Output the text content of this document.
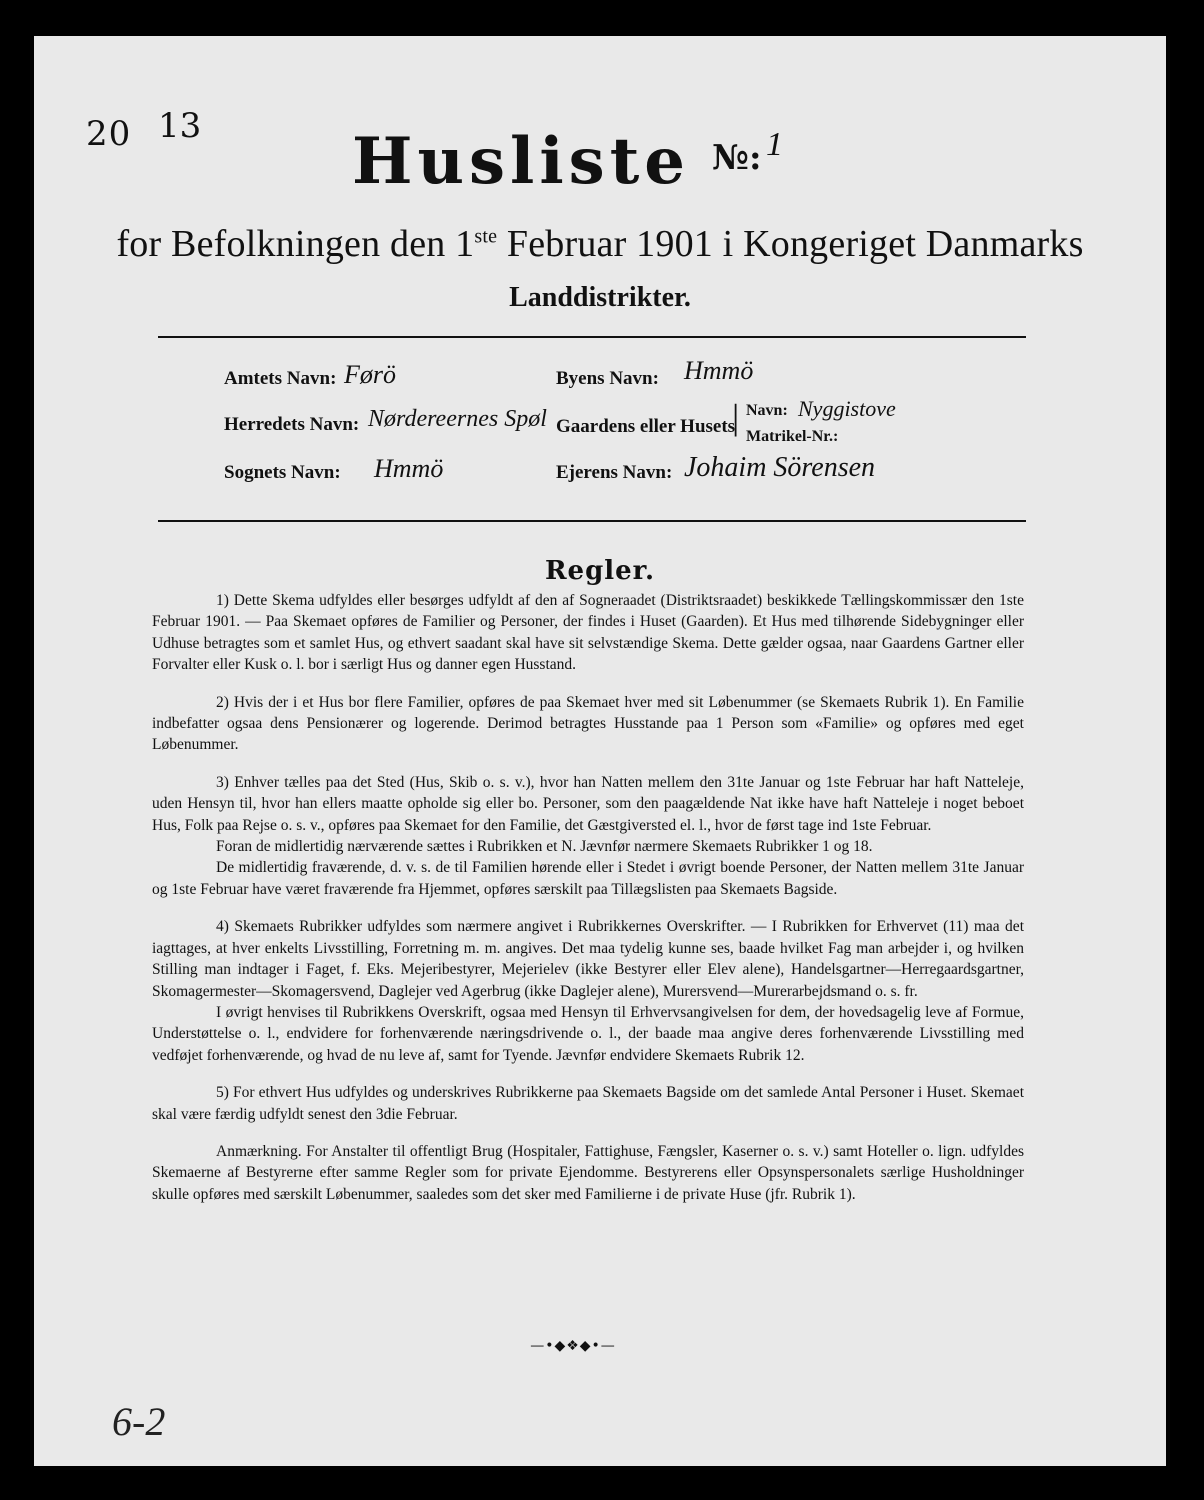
20 13 Husliste №: 1
for Befolkningen den 1ste Februar 1901 i Kongeriget Danmarks
Landdistrikter.
Amtets Navn: Førö	Byens Navn: Hmmö
Herredets Navn: Nørdereernes Spøl Gaardens eller Husets
| Navn: Nyggistove
Matrikel-Nr.:
Sognets Navn: Hmmö	Ejerens Navn: Johaim Sörensen
Regler.

1) Dette Skema udfyldes eller besørges udfyldt af den af Sogneraadet (Distriktsraadet) beskikkede Tællingskommissær den 1ste Februar 1901. — Paa Skemaet opføres de Familier og Personer, der findes i Huset (Gaarden). Et Hus med tilhørende Sidebygninger eller Udhuse betragtes som et samlet Hus, og ethvert saadant skal have sit selvstændige Skema. Dette gælder ogsaa, naar Gaardens Gartner eller Forvalter eller Kusk o. l. bor i særligt Hus og danner egen Husstand.

2) Hvis der i et Hus bor flere Familier, opføres de paa Skemaet hver med sit Løbenummer (se Skemaets Rubrik 1). En Familie indbefatter ogsaa dens Pensionærer og logerende. Derimod betragtes Husstande paa 1 Person som «Familie» og opføres med eget Løbenummer.

3) Enhver tælles paa det Sted (Hus, Skib o. s. v.), hvor han Natten mellem den 31te Januar og 1ste Februar har haft Natteleje, uden Hensyn til, hvor han ellers maatte opholde sig eller bo. Personer, som den paagældende Nat ikke have haft Natteleje i noget beboet Hus, Folk paa Rejse o. s. v., opføres paa Skemaet for den Familie, det Gæstgiversted el. l., hvor de først tage ind 1ste Februar.

Foran de midlertidig nærværende sættes i Rubrikken et N. Jævnfør nærmere Skemaets Rubrikker 1 og 18.

De midlertidig fraværende, d. v. s. de til Familien hørende eller i Stedet i øvrigt boende Personer, der Natten mellem 31te Januar og 1ste Februar have været fraværende fra Hjemmet, opføres særskilt paa Tillægslisten paa Skemaets Bagside.

4) Skemaets Rubrikker udfyldes som nærmere angivet i Rubrikkernes Overskrifter. — I Rubrikken for Erhvervet (11) maa det iagttages, at hver enkelts Livsstilling, Forretning m. m. angives. Det maa tydelig kunne ses, baade hvilket Fag man arbejder i, og hvilken Stilling man indtager i Faget, f. Eks. Mejeribestyrer, Mejerielev (ikke Bestyrer eller Elev alene), Handelsgartner—Herregaardsgartner, Skomagermester—Skomagersvend, Daglejer ved Agerbrug (ikke Daglejer alene), Murersvend—Murerarbejdsmand o. s. fr.

I øvrigt henvises til Rubrikkens Overskrift, ogsaa med Hensyn til Erhvervsangivelsen for dem, der hovedsagelig leve af Formue, Understøttelse o. l., endvidere for forhenværende næringsdrivende o. l., der baade maa angive deres forhenværende Livsstilling med vedføjet forhenværende, og hvad de nu leve af, samt for Tyende. Jævnfør endvidere Skemaets Rubrik 12.

5) For ethvert Hus udfyldes og underskrives Rubrikkerne paa Skemaets Bagside om det samlede Antal Personer i Huset. Skemaet skal være færdig udfyldt senest den 3die Februar.

Anmærkning. For Anstalter til offentligt Brug (Hospitaler, Fattighuse, Fængsler, Kaserner o. s. v.) samt Hoteller o. lign. udfyldes Skemaerne af Bestyrerne efter samme Regler som for private Ejendomme. Bestyrerens eller Opsynspersonalets særlige Husholdninger skulle opføres med særskilt Løbenummer, saaledes som det sker med Familierne i de private Huse (jfr. Rubrik 1).

—•◆❖◆•—
6-2
